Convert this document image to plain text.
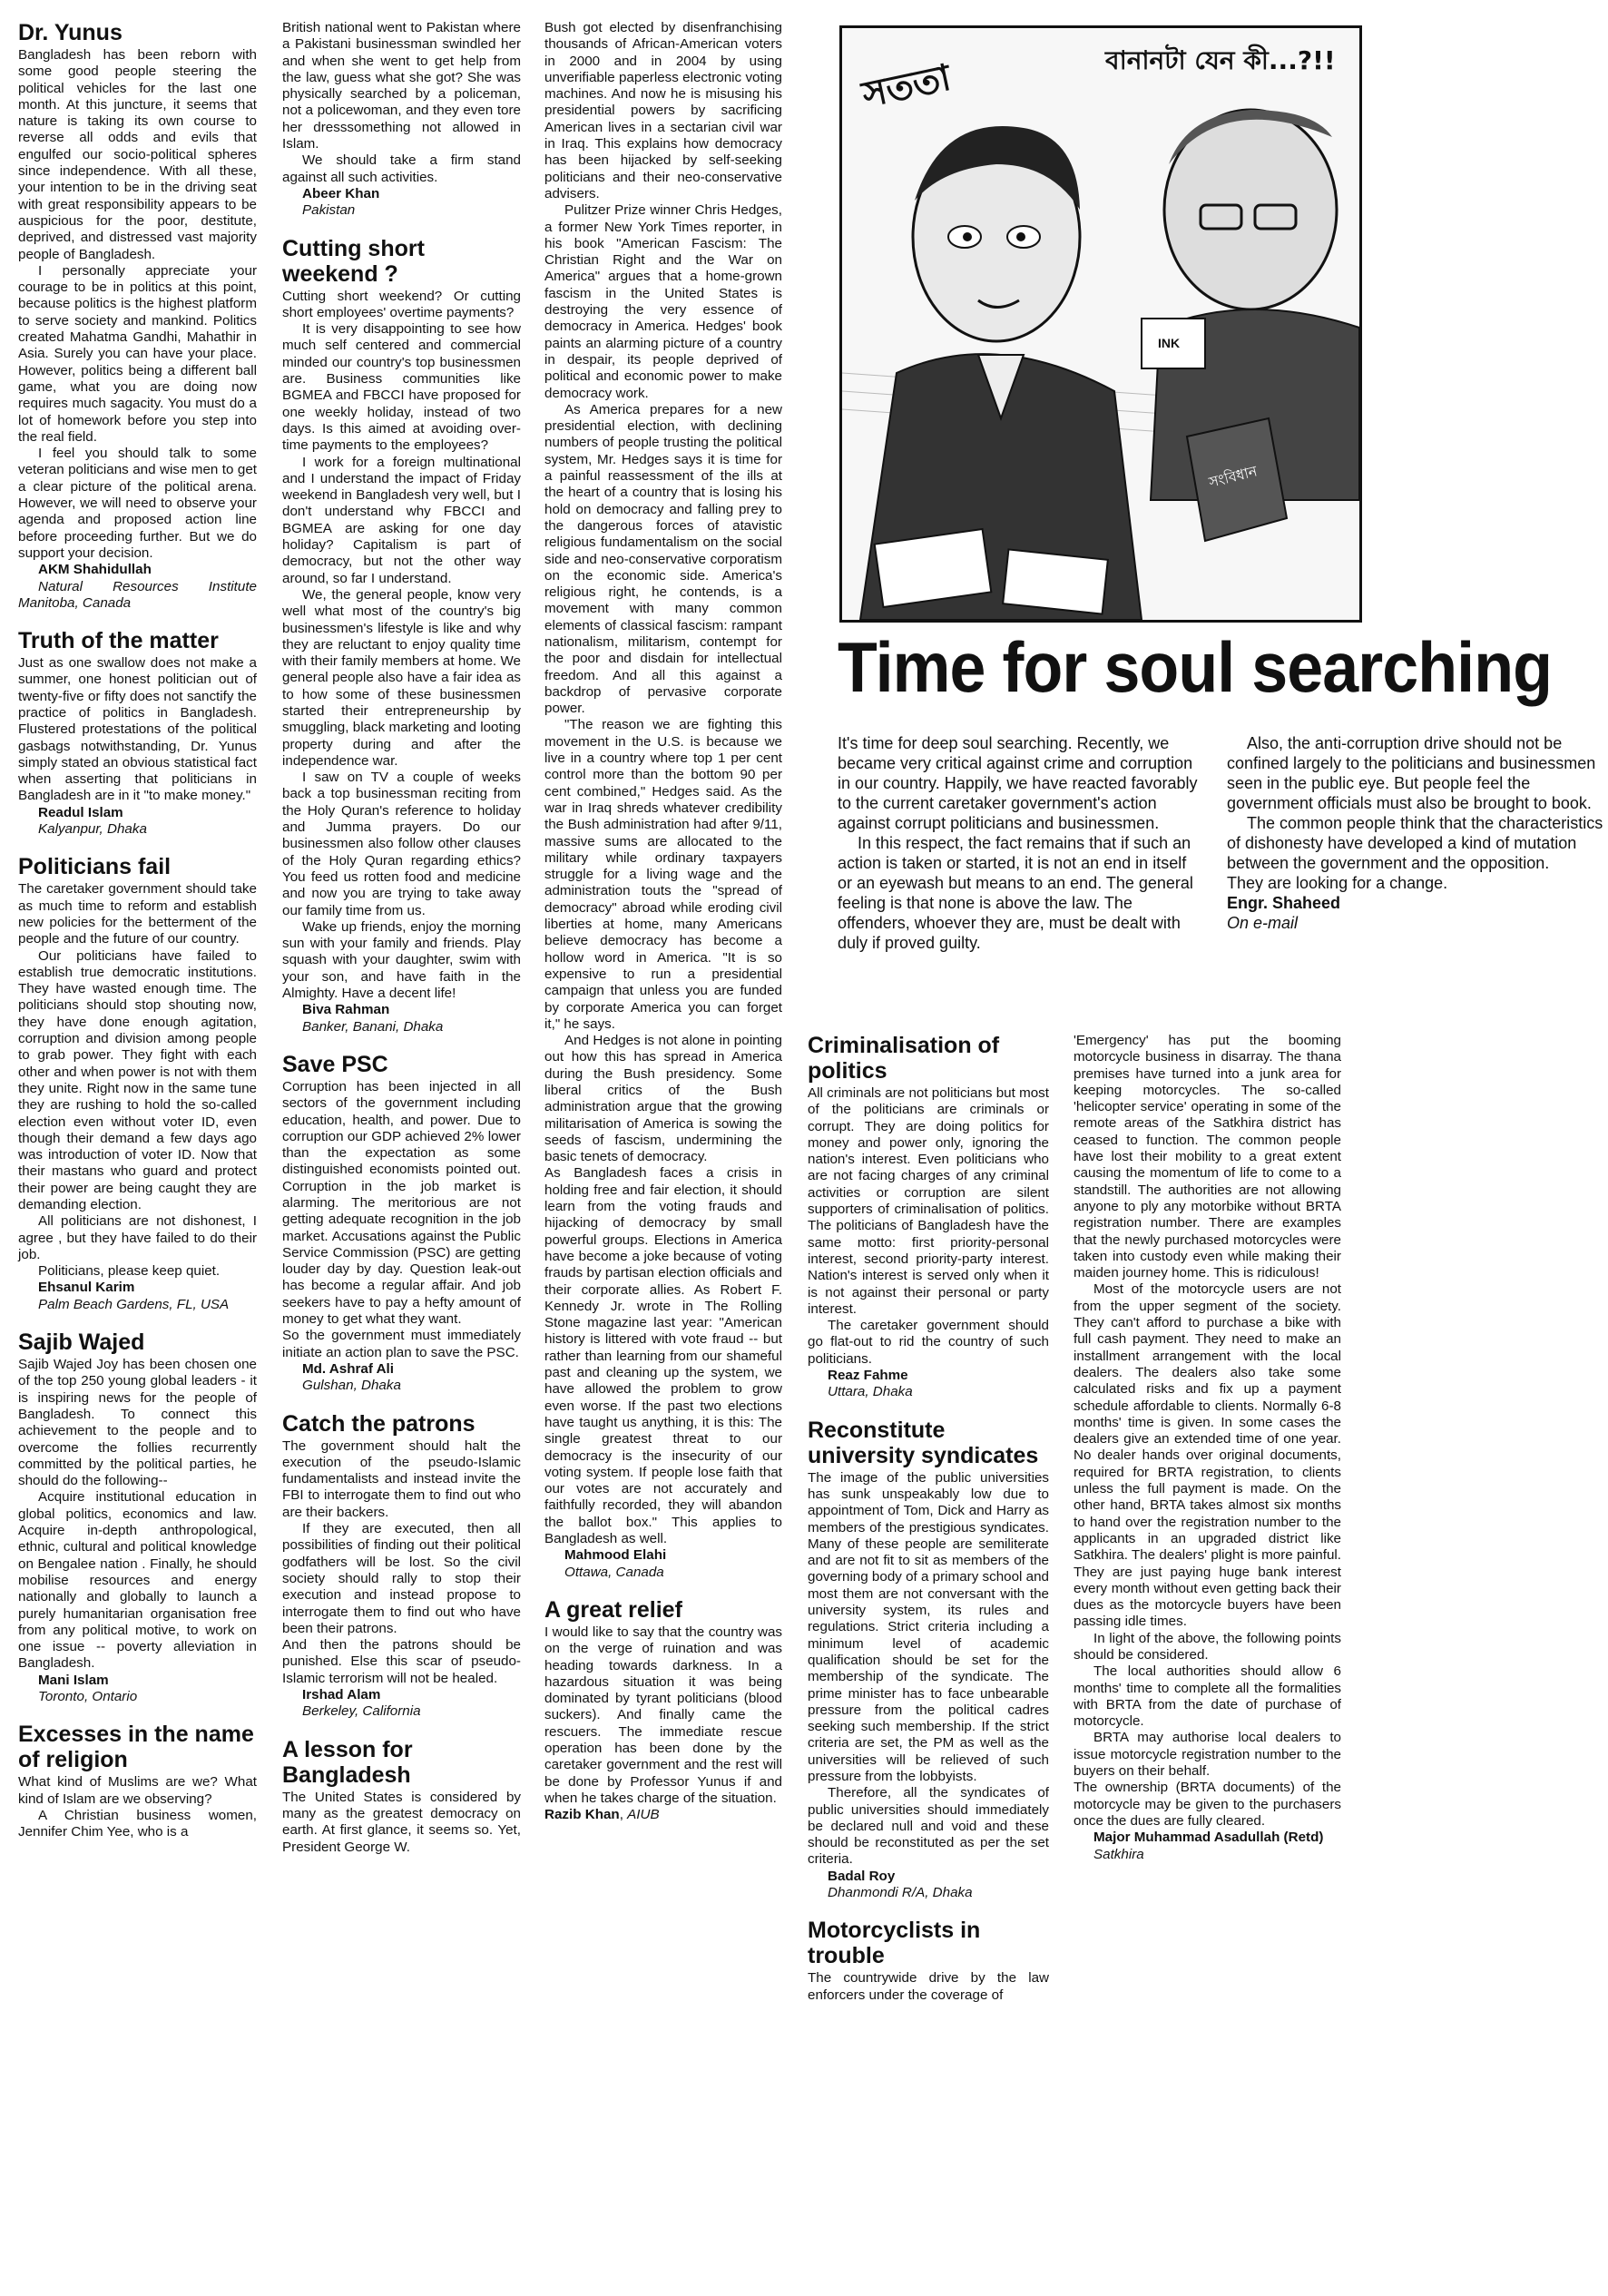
Dr. Yunus

Bangladesh has been reborn with some good people steering the political vehicles for the last one month. At this juncture, it seems that nature is taking its own course to reverse all odds and evils that engulfed our socio-political spheres since independence. With all these, your intention to be in the driving seat with great responsibility appears to be auspicious for the poor, destitute, deprived, and distressed vast majority people of Bangladesh.

I personally appreciate your courage to be in politics at this point, because politics is the highest platform to serve society and mankind. Politics created Mahatma Gandhi, Mahathir in Asia. Surely you can have your place. However, politics being a different ball game, what you are doing now requires much sagacity. You must do a lot of homework before you step into the real field.

I feel you should talk to some veteran politicians and wise men to get a clear picture of the political arena. However, we will need to observe your agenda and proposed action line before proceeding further. But we do support your decision.

AKM Shahidullah

Natural Resources Institute Manitoba, Canada

Truth of the matter

Just as one swallow does not make a summer, one honest politician out of twenty-five or fifty does not sanctify the practice of politics in Bangladesh. Flustered protestations of the political gasbags notwithstanding, Dr. Yunus simply stated an obvious statistical fact when asserting that politicians in Bangladesh are in it "to make money."

Readul Islam

Kalyanpur, Dhaka

Politicians fail

The caretaker government should take as much time to reform and establish new policies for the betterment of the people and the future of our country.

Our politicians have failed to establish true democratic institutions. They have wasted enough time. The politicians should stop shouting now, they have done enough agitation, corruption and division among people to grab power. They fight with each other and when power is not with them they unite. Right now in the same tune they are rushing to hold the so-called election even without voter ID, even though their demand a few days ago was introduction of voter ID. Now that their mastans who guard and protect their power are being caught they are demanding election.

All politicians are not dishonest, I agree , but they have failed to do their job.

Politicians, please keep quiet.

Ehsanul Karim

Palm Beach Gardens, FL, USA

Sajib Wajed

Sajib Wajed Joy has been chosen one of the top 250 young global leaders - it is inspiring news for the people of Bangladesh. To connect this achievement to the people and to overcome the follies recurrently committed by the political parties, he should do the following--

Acquire institutional education in global politics, economics and law. Acquire in-depth anthropological, ethnic, cultural and political knowledge on Bengalee nation . Finally, he should mobilise resources and energy nationally and globally to launch a purely humanitarian organisation free from any political motive, to work on one issue -- poverty alleviation in Bangladesh.

Mani Islam

Toronto, Ontario

Excesses in the name of religion

What kind of Muslims are we? What kind of Islam are we observing?

A Christian business women, Jennifer Chim Yee, who is a

British national went to Pakistan where a Pakistani businessman swindled her and when she went to get help from the law, guess what she got? She was physically searched by a policeman, not a policewoman, and they even tore her dresssomething not allowed in Islam.

We should take a firm stand against all such activities.

Abeer Khan

Pakistan

Cutting short weekend ?

Cutting short weekend? Or cutting short employees' overtime payments?

It is very disappointing to see how much self centered and commercial minded our country's top businessmen are. Business communities like BGMEA and FBCCI have proposed for one weekly holiday, instead of two days. Is this aimed at avoiding over-time payments to the employees?

I work for a foreign multinational and I understand the impact of Friday weekend in Bangladesh very well, but I don't understand why FBCCI and BGMEA are asking for one day holiday? Capitalism is part of democracy, but not the other way around, so far I understand.

We, the general people, know very well what most of the country's big businessmen's lifestyle is like and why they are reluctant to enjoy quality time with their family members at home. We general people also have a fair idea as to how some of these businessmen started their entrepreneurship by smuggling, black marketing and looting property during and after the independence war.

I saw on TV a couple of weeks back a top businessman reciting from the Holy Quran's reference to holiday and Jumma prayers. Do our businessmen also follow other clauses of the Holy Quran regarding ethics? You feed us rotten food and medicine and now you are trying to take away our family time from us.

Wake up friends, enjoy the morning sun with your family and friends. Play squash with your daughter, swim with your son, and have faith in the Almighty. Have a decent life!

Biva Rahman

Banker, Banani, Dhaka

Save PSC

Corruption has been injected in all sectors of the government including education, health, and power. Due to corruption our GDP achieved 2% lower than the expectation as some distinguished economists pointed out. Corruption in the job market is alarming. The meritorious are not getting adequate recognition in the job market. Accusations against the Public Service Commission (PSC) are getting louder day by day. Question leak-out has become a regular affair. And job seekers have to pay a hefty amount of money to get what they want.

So the government must immediately initiate an action plan to save the PSC.

Md. Ashraf Ali

Gulshan, Dhaka

Catch the patrons

The government should halt the execution of the pseudo-Islamic fundamentalists and instead invite the FBI to interrogate them to find out who are their backers.

If they are executed, then all possibilities of finding out their political godfathers will be lost. So the civil society should rally to stop their execution and instead propose to interrogate them to find out who have been their patrons.

And then the patrons should be punished. Else this scar of pseudo-Islamic terrorism will not be healed.

Irshad Alam

Berkeley, California

A lesson for Bangladesh

The United States is considered by many as the greatest democracy on earth. At first glance, it seems so. Yet, President George W.

Bush got elected by disenfranchising thousands of African-American voters in 2000 and in 2004 by using unverifiable paperless electronic voting machines. And now he is misusing his presidential powers by sacrificing American lives in a sectarian civil war in Iraq. This explains how democracy has been hijacked by self-seeking politicians and their neo-conservative advisers.

Pulitzer Prize winner Chris Hedges, a former New York Times reporter, in his book "American Fascism: The Christian Right and the War on America" argues that a home-grown fascism in the United States is destroying the very essence of democracy in America. Hedges' book paints an alarming picture of a country in despair, its people deprived of political and economic power to make democracy work.

As America prepares for a new presidential election, with declining numbers of people trusting the political system, Mr. Hedges says it is time for a painful reassessment of the ills at the heart of a country that is losing his hold on democracy and falling prey to the dangerous forces of atavistic religious fundamentalism on the social side and neo-conservative corporatism on the economic side. America's religious right, he contends, is a movement with many common elements of classical fascism: rampant nationalism, militarism, contempt for the poor and disdain for intellectual freedom. And all this against a backdrop of pervasive corporate power.

"The reason we are fighting this movement in the U.S. is because we live in a country where top 1 per cent control more than the bottom 90 per cent combined," Hedges said. As the war in Iraq shreds whatever credibility the Bush administration had after 9/11, massive sums are allocated to the military while ordinary taxpayers struggle for a living wage and the administration touts the "spread of democracy" abroad while eroding civil liberties at home, many Americans believe democracy has become a hollow word in America. "It is so expensive to run a presidential campaign that unless you are funded by corporate America you can forget it," he says.

And Hedges is not alone in pointing out how this has spread in America during the Bush presidency. Some liberal critics of the Bush administration argue that the growing militarisation of America is sowing the seeds of fascism, undermining the basic tenets of democracy.

As Bangladesh faces a crisis in holding free and fair election, it should learn from the voting frauds and hijacking of democracy by small powerful groups. Elections in America have become a joke because of voting frauds by partisan election officials and their corporate allies. As Robert F. Kennedy Jr. wrote in The Rolling Stone magazine last year: "American history is littered with vote fraud -- but rather than learning from our shameful past and cleaning up the system, we have allowed the problem to grow even worse. If the past two elections have taught us anything, it is this: The single greatest threat to our democracy is the insecurity of our voting system. If people lose faith that our votes are not accurately and faithfully recorded, they will abandon the ballot box." This applies to Bangladesh as well.

Mahmood Elahi

Ottawa, Canada

A great relief

I would like to say that the country was on the verge of ruination and was heading towards darkness. In a hazardous situation it was being dominated by tyrant politicians (blood suckers). And finally came the rescuers. The immediate rescue operation has been done by the caretaker government and the rest will be done by Professor Yunus if and when he takes charge of the situation.

Razib Khan

,

AIUB

INK
সংবিধান
সততা	বানানটা যেন কী...?!!
Time for soul searching

It's time for deep soul searching. Recently, we became very critical against crime and corruption in our country. Happily, we have reacted favorably to the current caretaker government's action against corrupt politicians and businessmen.

In this respect, the fact remains that if such an action is taken or started, it is not an end in itself or an eyewash but means to an end. The general feeling is that none is above the law. The offenders, whoever they are, must be dealt with duly if proved guilty.

Also, the anti-corruption drive should not be confined largely to the politicians and businessmen seen in the public eye. But people feel the government officials must also be brought to book.

The common people think that the characteristics of dishonesty have developed a kind of mutation between the government and the opposition.

They are looking for a change.

Engr. Shaheed

On e-mail

Criminalisation of politics

All criminals are not politicians but most of the politicians are criminals or corrupt. They are doing politics for money and power only, ignoring the nation's interest. Even politicians who are not facing charges of any criminal activities or corruption are silent supporters of criminalisation of politics. The politicians of Bangladesh have the same motto: first priority-personal interest, second priority-party interest. Nation's interest is served only when it is not against their personal or party interest.

The caretaker government should go flat-out to rid the country of such politicians.

Reaz Fahme

Uttara, Dhaka

Reconstitute university syndicates

The image of the public universities has sunk unspeakably low due to appointment of Tom, Dick and Harry as members of the prestigious syndicates. Many of these people are semiliterate and are not fit to sit as members of the governing body of a primary school and most them are not conversant with the university system, its rules and regulations. Strict criteria including a minimum level of academic qualification should be set for the membership of the syndicate. The prime minister has to face unbearable pressure from the political cadres seeking such membership. If the strict criteria are set, the PM as well as the universities will be relieved of such pressure from the lobbyists.

Therefore, all the syndicates of public universities should immediately be declared null and void and these should be reconstituted as per the set criteria.

Badal Roy

Dhanmondi R/A, Dhaka

Motorcyclists in trouble

The countrywide drive by the law enforcers under the coverage of

'Emergency' has put the booming motorcycle business in disarray. The thana premises have turned into a junk area for keeping motorcycles. The so-called 'helicopter service' operating in some of the remote areas of the Satkhira district has ceased to function. The common people have lost their mobility to a great extent causing the momentum of life to come to a standstill. The authorities are not allowing anyone to ply any motorbike without BRTA registration number. There are examples that the newly purchased motorcycles were taken into custody even while making their maiden journey home. This is ridiculous!

Most of the motorcycle users are not from the upper segment of the society. They can't afford to purchase a bike with full cash payment. They need to make an installment arrangement with the local dealers. The dealers also take some calculated risks and fix up a payment schedule affordable to clients. Normally 6-8 months' time is given. In some cases the dealers give an extended time of one year. No dealer hands over original documents, required for BRTA registration, to clients unless the full payment is made. On the other hand, BRTA takes almost six months to hand over the registration number to the applicants in an upgraded district like Satkhira. The dealers' plight is more painful. They are just paying huge bank interest every month without even getting back their dues as the motorcycle buyers have been passing idle times.

In light of the above, the following points should be considered.

The local authorities should allow 6 months' time to complete all the formalities with BRTA from the date of purchase of motorcycle.

BRTA may authorise local dealers to issue motorcycle registration number to the buyers on their behalf.

The ownership (BRTA documents) of the motorcycle may be given to the purchasers once the dues are fully cleared.

Major Muhammad Asadullah (Retd)

Satkhira
